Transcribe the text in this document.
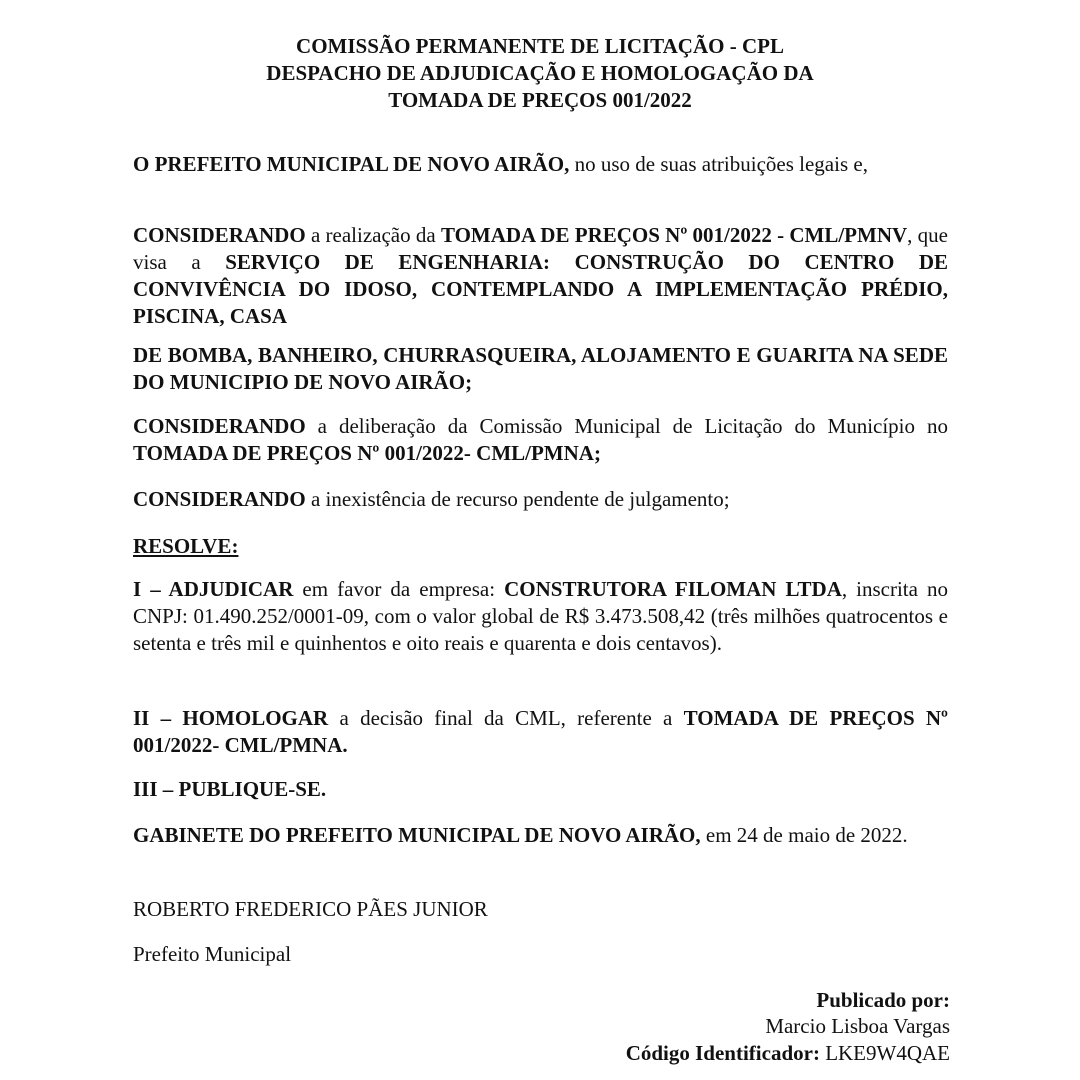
COMISSÃO PERMANENTE DE LICITAÇÃO - CPL

DESPACHO DE ADJUDICAÇÃO E HOMOLOGAÇÃO DA

TOMADA DE PREÇOS 001/2022

O PREFEITO MUNICIPAL DE NOVO AIRÃO, no uso de suas atribuições legais e,

CONSIDERANDO a realização da TOMADA DE PREÇOS Nº 001/2022 - CML/PMNV, que visa a SERVIÇO DE ENGENHARIA: CONSTRUÇÃO DO CENTRO DE CONVIVÊNCIA DO IDOSO, CONTEMPLANDO A IMPLEMENTAÇÃO PRÉDIO, PISCINA, CASA

DE BOMBA, BANHEIRO, CHURRASQUEIRA, ALOJAMENTO E GUARITA NA SEDE DO MUNICIPIO DE NOVO AIRÃO;

CONSIDERANDO a deliberação da Comissão Municipal de Licitação do Município no TOMADA DE PREÇOS Nº 001/2022- CML/PMNA;

CONSIDERANDO a inexistência de recurso pendente de julgamento;

RESOLVE:

I – ADJUDICAR em favor da empresa: CONSTRUTORA FILOMAN LTDA, inscrita no CNPJ: 01.490.252/0001-09, com o valor global de R$ 3.473.508,42 (três milhões quatrocentos e setenta e três mil e quinhentos e oito reais e quarenta e dois centavos).

II – HOMOLOGAR a decisão final da CML, referente a TOMADA DE PREÇOS Nº 001/2022- CML/PMNA.

III – PUBLIQUE-SE.

GABINETE DO PREFEITO MUNICIPAL DE NOVO AIRÃO, em 24 de maio de 2022.

ROBERTO FREDERICO PÃES JUNIOR

Prefeito Municipal

Publicado por:

Marcio Lisboa Vargas

Código Identificador: LKE9W4QAE
